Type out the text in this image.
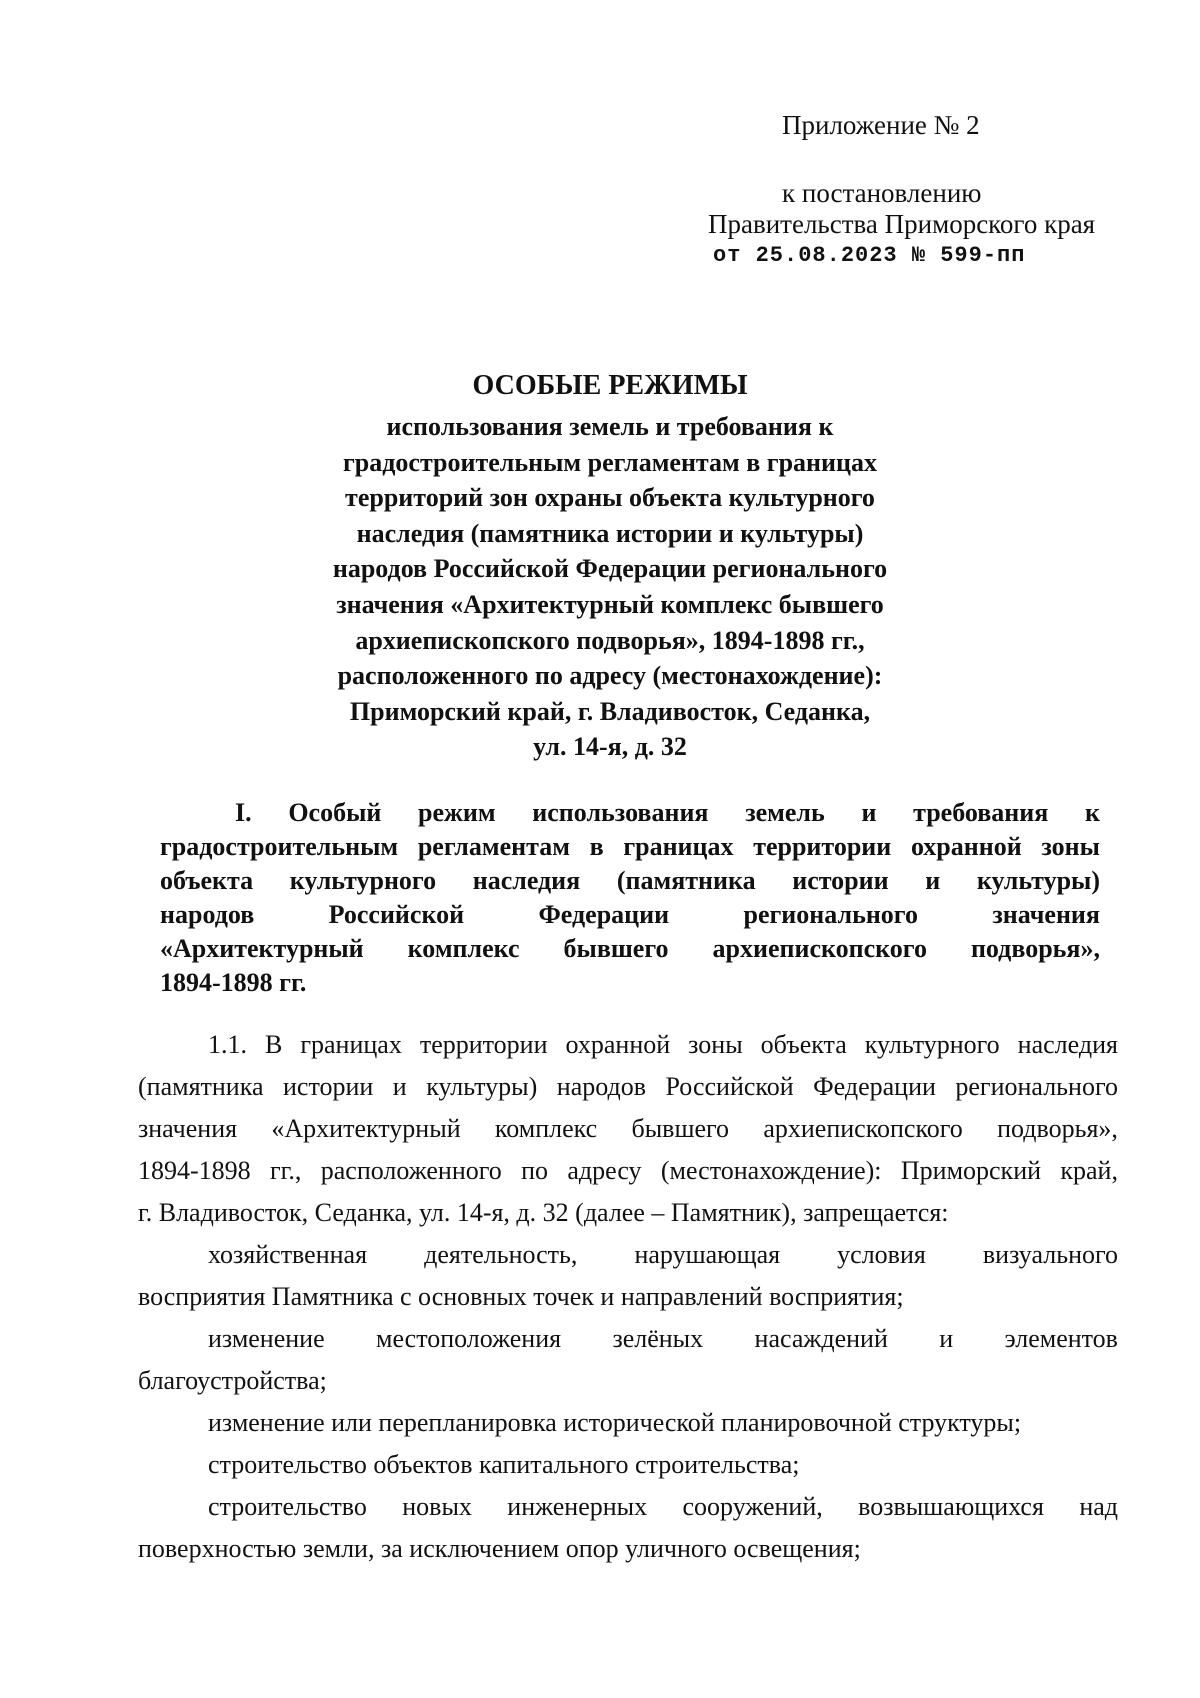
Приложение № 2
к постановлению
Правительства Приморского края
от 25.08.2023 № 599-пп
ОСОБЫЕ РЕЖИМЫ
использования земель и требования к
градостроительным регламентам в границах
территорий зон охраны объекта культурного
наследия (памятника истории и культуры)
народов Российской Федерации регионального
значения «Архитектурный комплекс бывшего
архиепископского подворья», 1894-1898 гг.,
расположенного по адресу (местонахождение):
Приморский край, г. Владивосток, Седанка,
ул. 14-я, д. 32
I. Особый режим использования земель и требования к
градостроительным регламентам в границах территории охранной зоны
объекта культурного наследия (памятника истории и культуры)
народов	Российской	Федерации	регионального	значения
«Архитектурный комплекс бывшего архиепископского подворья»,
1894-1898 гг.
1.1. В границах территории охранной зоны объекта культурного наследия
(памятника истории и культуры) народов Российской Федерации регионального
значения «Архитектурный комплекс бывшего архиепископского подворья»,
1894-1898 гг., расположенного по адресу (местонахождение): Приморский край,
г. Владивосток, Седанка, ул. 14-я, д. 32 (далее – Памятник), запрещается:
хозяйственная деятельность, нарушающая условия визуального
восприятия Памятника с основных точек и направлений восприятия;
изменение местоположения зелёных насаждений и элементов
благоустройства;
изменение или перепланировка исторической планировочной структуры;
строительство объектов капитального строительства;
строительство новых инженерных сооружений, возвышающихся над
поверхностью земли, за исключением опор уличного освещения;
